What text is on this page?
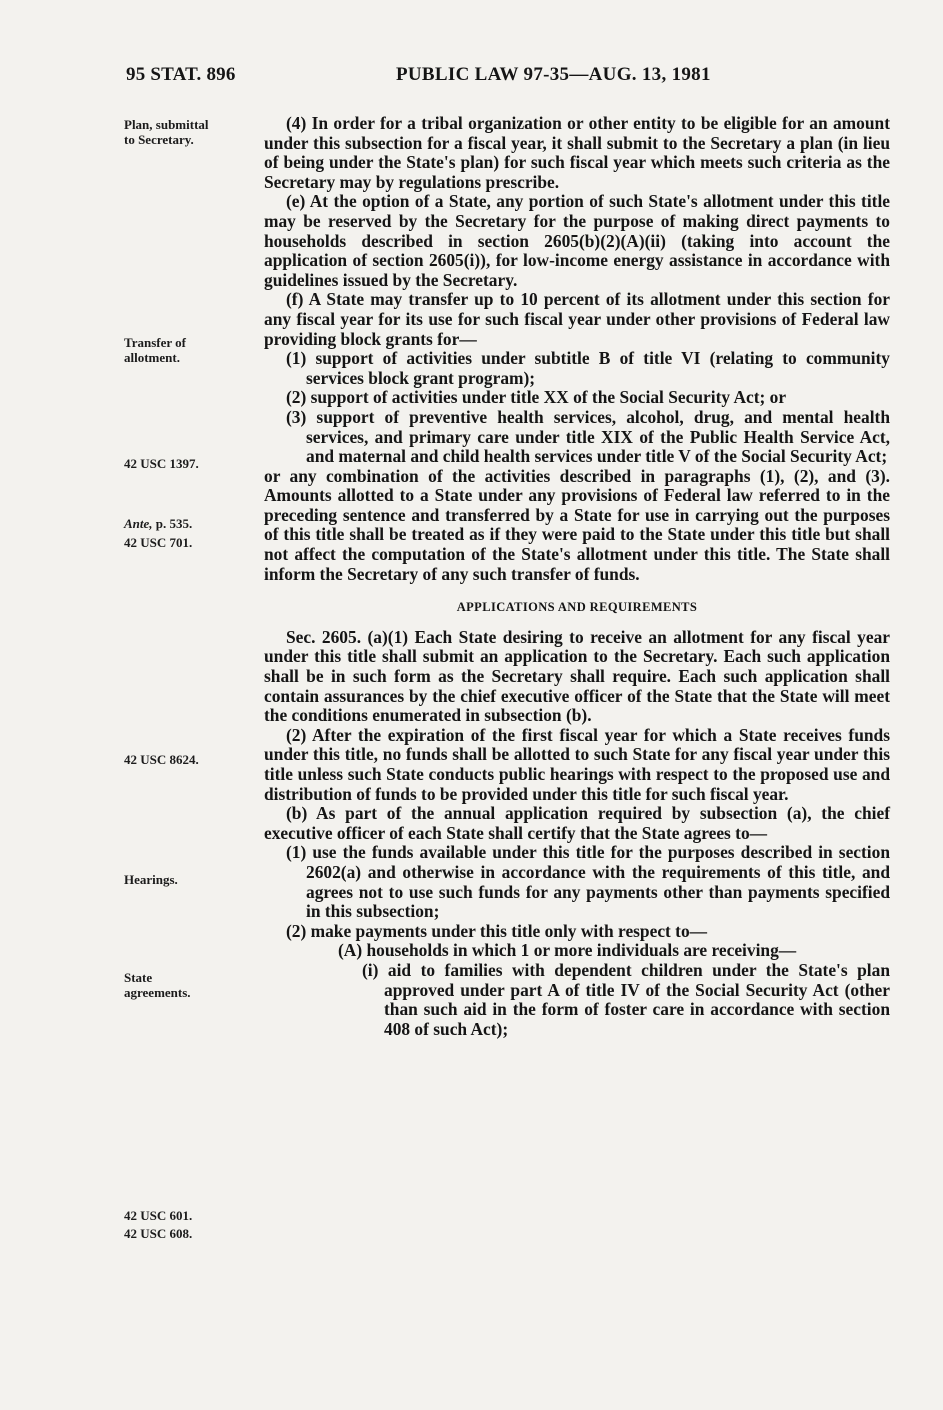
95 STAT. 896	PUBLIC LAW 97-35—AUG. 13, 1981
Plan, submittal
to Secretary.
Transfer of
allotment.
42 USC 1397.
Ante, p. 535.
42 USC 701.
42 USC 8624.
Hearings.
State
agreements.
42 USC 601.
42 USC 608.

(4) In order for a tribal organization or other entity to be eligible for an amount under this subsection for a fiscal year, it shall submit to the Secretary a plan (in lieu of being under the State's plan) for such fiscal year which meets such criteria as the Secretary may by regulations prescribe.

(e) At the option of a State, any portion of such State's allotment under this title may be reserved by the Secretary for the purpose of making direct payments to households described in section 2605(b)(2)(A)(ii) (taking into account the application of section 2605(i)), for low-income energy assistance in accordance with guidelines issued by the Secretary.

(f) A State may transfer up to 10 percent of its allotment under this section for any fiscal year for its use for such fiscal year under other provisions of Federal law providing block grants for—

(1) support of activities under subtitle B of title VI (relating to community services block grant program);

(2) support of activities under title XX of the Social Security Act; or

(3) support of preventive health services, alcohol, drug, and mental health services, and primary care under title XIX of the Public Health Service Act, and maternal and child health services under title V of the Social Security Act;

or any combination of the activities described in paragraphs (1), (2), and (3). Amounts allotted to a State under any provisions of Federal law referred to in the preceding sentence and transferred by a State for use in carrying out the purposes of this title shall be treated as if they were paid to the State under this title but shall not affect the computation of the State's allotment under this title. The State shall inform the Secretary of any such transfer of funds.

APPLICATIONS AND REQUIREMENTS

Sec. 2605. (a)(1) Each State desiring to receive an allotment for any fiscal year under this title shall submit an application to the Secretary. Each such application shall be in such form as the Secretary shall require. Each such application shall contain assurances by the chief executive officer of the State that the State will meet the conditions enumerated in subsection (b).

(2) After the expiration of the first fiscal year for which a State receives funds under this title, no funds shall be allotted to such State for any fiscal year under this title unless such State conducts public hearings with respect to the proposed use and distribution of funds to be provided under this title for such fiscal year.

(b) As part of the annual application required by subsection (a), the chief executive officer of each State shall certify that the State agrees to—

(1) use the funds available under this title for the purposes described in section 2602(a) and otherwise in accordance with the requirements of this title, and agrees not to use such funds for any payments other than payments specified in this subsection;

(2) make payments under this title only with respect to—

(A) households in which 1 or more individuals are receiving—

(i) aid to families with dependent children under the State's plan approved under part A of title IV of the Social Security Act (other than such aid in the form of foster care in accordance with section 408 of such Act);
